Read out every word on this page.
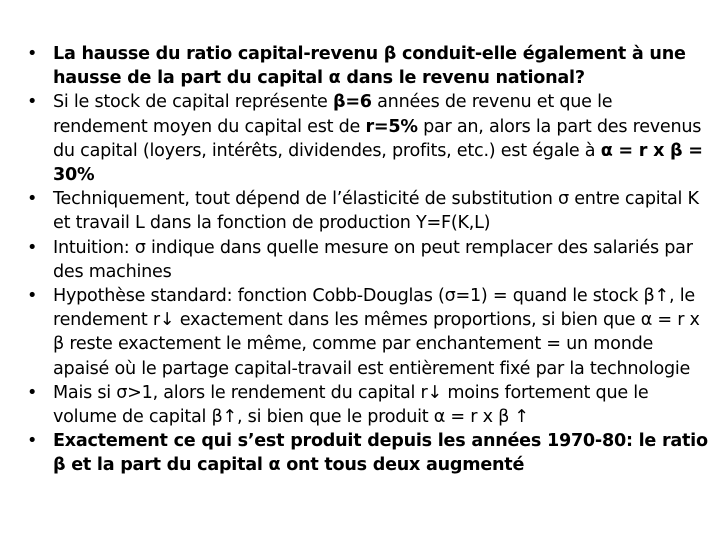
• La hausse du ratio capital-revenu β conduit-elle également à une hausse de la part du capital α dans le revenu national?
• Si le stock de capital représente β=6 années de revenu et que le rendement moyen du capital est de r=5% par an, alors la part des revenus du capital (loyers, intérêts, dividendes, profits, etc.) est égale à α = r x β = 30%
• Techniquement, tout dépend de l’élasticité de substitution σ entre capital K et travail L dans la fonction de production Y=F(K,L)
• Intuition: σ indique dans quelle mesure on peut remplacer des salariés par des machines
• Hypothèse standard: fonction Cobb-Douglas (σ=1) = quand le stock β↑, le rendement r↓ exactement dans les mêmes proportions, si bien que α = r x β reste exactement le même, comme par enchantement = un monde apaisé où le partage capital-travail est entièrement fixé par la technologie
• Mais si σ>1, alors le rendement du capital r↓ moins fortement que le volume de capital β↑, si bien que le produit α = r x β ↑
• Exactement ce qui s’est produit depuis les années 1970-80: le ratio β et la part du capital α ont tous deux augmenté
